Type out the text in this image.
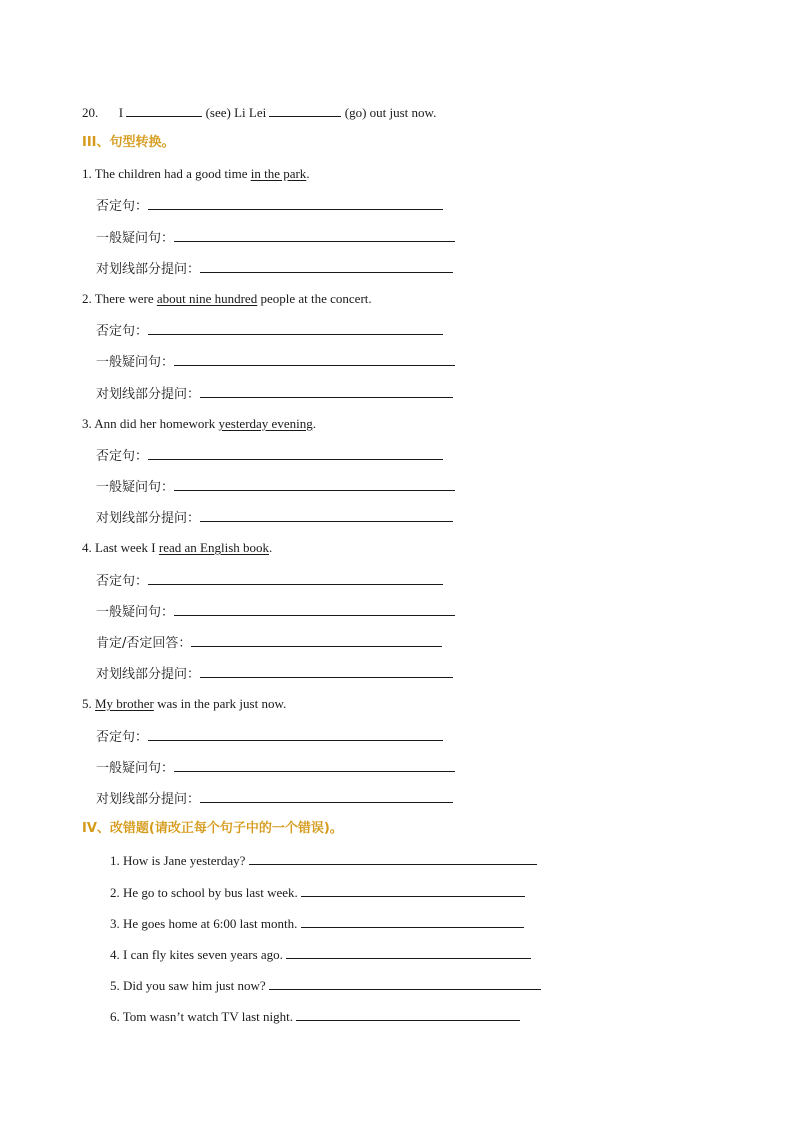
20. I	(see) Li Lei	(go) out just now.
III、句型转换。
1. The children had a good time in the park.
否定句：
一般疑问句：
对划线部分提问：
2. There were about nine hundred people at the concert.
否定句：
一般疑问句：
对划线部分提问：
3. Ann did her homework yesterday evening.
否定句：
一般疑问句：
对划线部分提问：
4. Last week I read an English book.
否定句：
一般疑问句：
肯定/否定回答：
对划线部分提问：
5. My brother was in the park just now.
否定句：
一般疑问句：
对划线部分提问：
IV、改错题(请改正每个句子中的一个错误)。
1. How is Jane yesterday?
2. He go to school by bus last week.
3. He goes home at 6:00 last month.
4. I can fly kites seven years ago.
5. Did you saw him just now?
6. Tom wasn’t watch TV last night.
